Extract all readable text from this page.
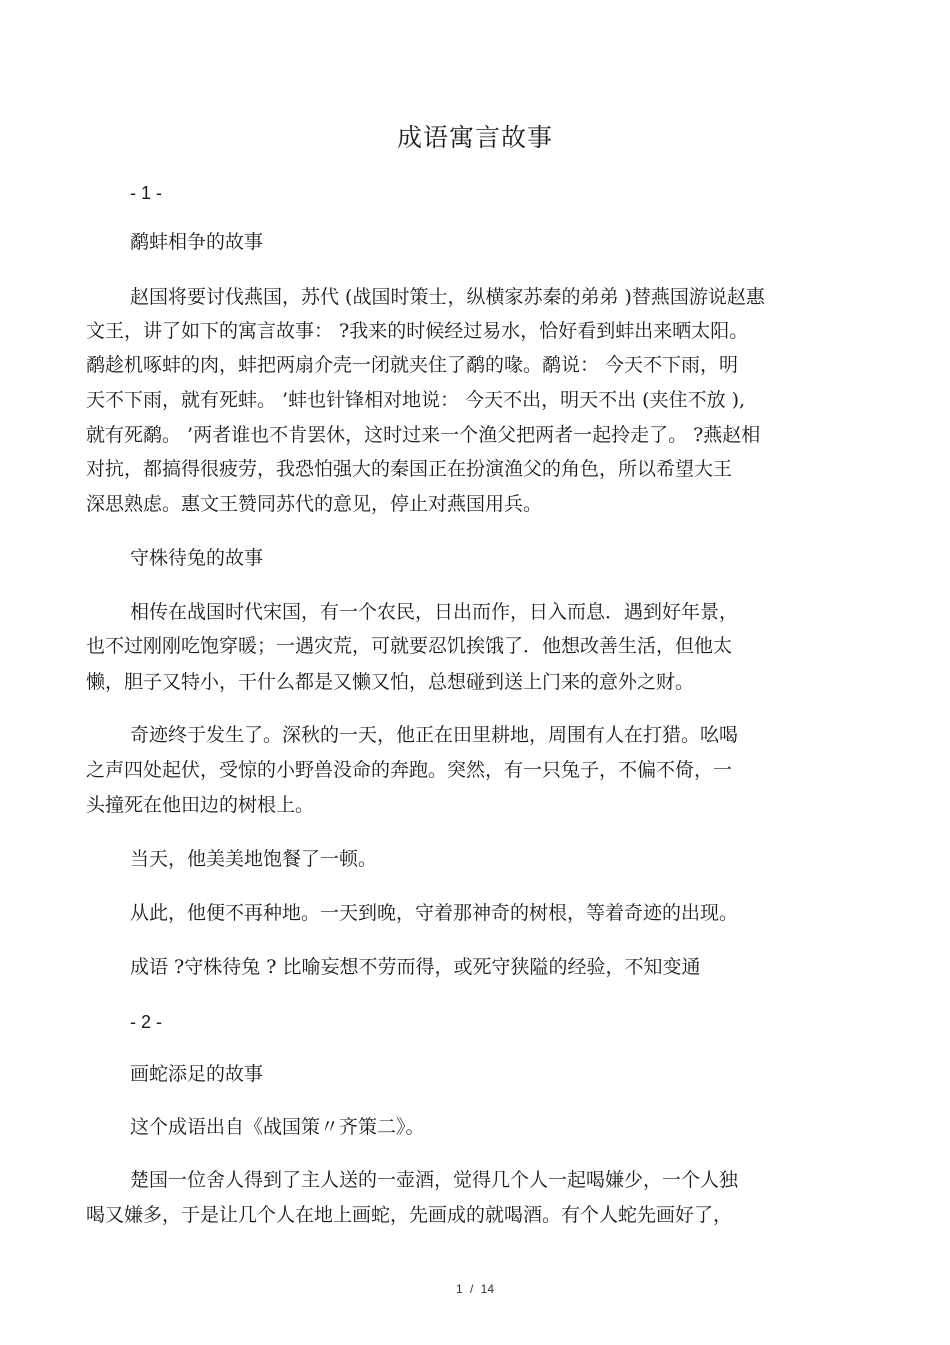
成语寓言故事
- 1 -
鹬蚌相争的故事
赵国将要讨伐燕国，苏代 (战国时策士，纵横家苏秦的弟弟 )替燕国游说赵惠
文王，讲了如下的寓言故事： ?我来的时候经过易水，恰好看到蚌出来晒太阳。
鹬趁机啄蚌的肉，蚌把两扇介壳一闭就夹住了鹬的喙。鹬说： 今天不下雨，明
天不下雨，就有死蚌。 ’蚌也针锋相对地说： 今天不出，明天不出 (夹住不放 ),
就有死鹬。 ’两者谁也不肯罢休，这时过来一个渔父把两者一起拎走了。 ?燕赵相
对抗，都搞得很疲劳，我恐怕强大的秦国正在扮演渔父的角色，所以希望大王
深思熟虑。惠文王赞同苏代的意见，停止对燕国用兵。
守株待兔的故事
相传在战国时代宋国，有一个农民，日出而作，日入而息．遇到好年景，
也不过刚刚吃饱穿暖；一遇灾荒，可就要忍饥挨饿了．他想改善生活，但他太
懒，胆子又特小，干什么都是又懒又怕，总想碰到送上门来的意外之财。
奇迹终于发生了。深秋的一天，他正在田里耕地，周围有人在打猎。吆喝
之声四处起伏，受惊的小野兽没命的奔跑。突然，有一只兔子，不偏不倚，一
头撞死在他田边的树根上。
当天，他美美地饱餐了一顿。
从此，他便不再种地。一天到晚，守着那神奇的树根，等着奇迹的出现。
成语 ?守株待兔 ? 比喻妄想不劳而得，或死守狭隘的经验，不知变通
- 2 -
画蛇添足的故事
这个成语出自《战国策〃齐策二》。
楚国一位舍人得到了主人送的一壶酒，觉得几个人一起喝嫌少，一个人独
喝又嫌多，于是让几个人在地上画蛇，先画成的就喝酒。有个人蛇先画好了，
1 / 14
